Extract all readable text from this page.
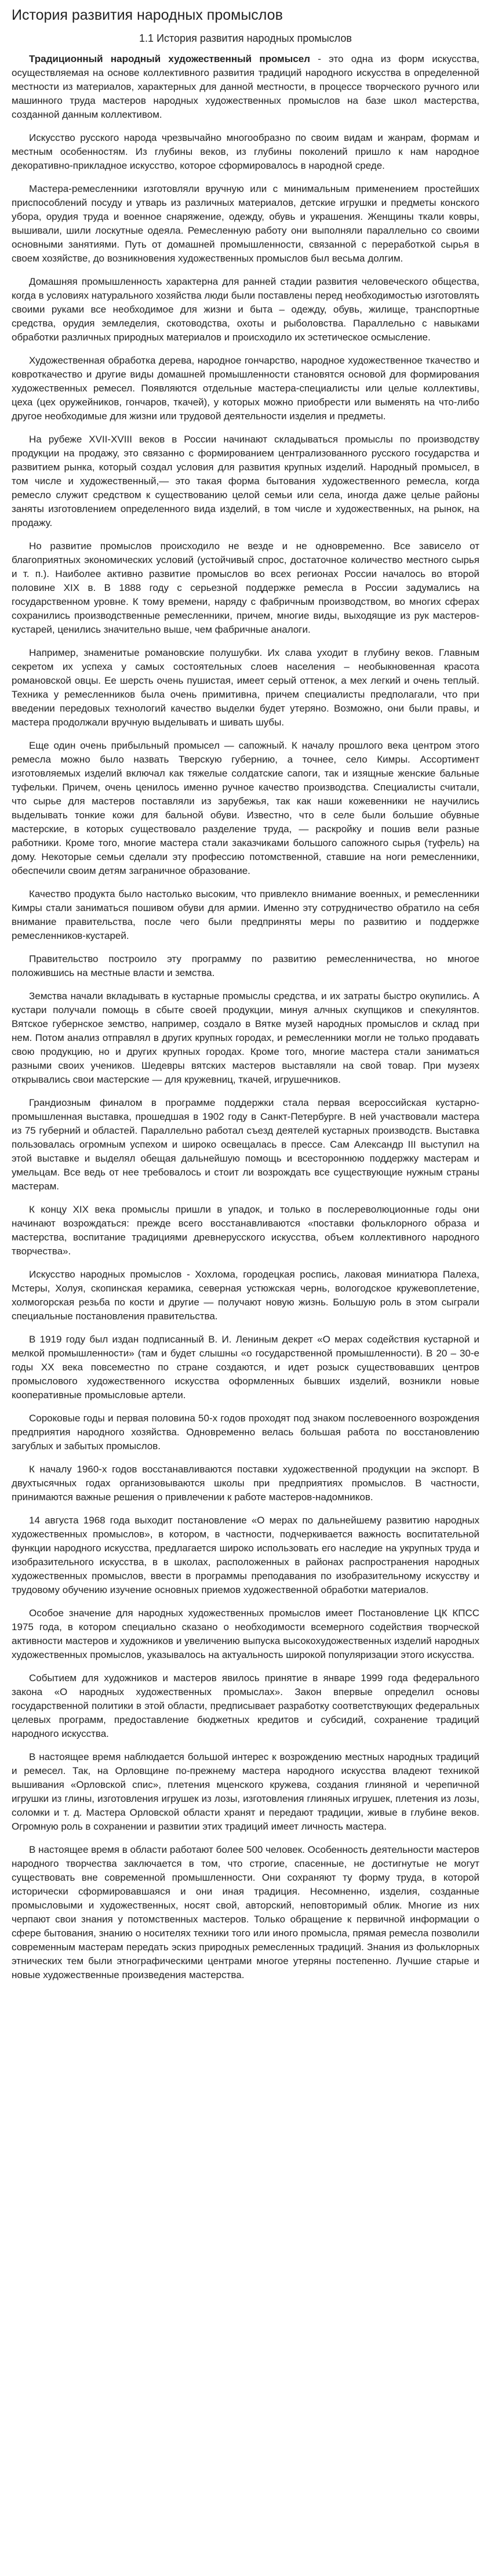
История развития народных промыслов
1.1 История развития народных промыслов

Традиционный народный художественный промысел - это одна из форм искусства, осуществляемая на основе коллективного развития традиций народного искусства в определенной местности из материалов, характерных для данной местности, в процессе творческого ручного или машинного труда мастеров народных художественных промыслов на базе школ мастерства, созданной данным коллективом.

Искусство русского народа чрезвычайно многообразно по своим видам и жанрам, формам и местным особенностям. Из глубины веков, из глубины поколений пришло к нам народное декоративно-прикладное искусство, которое сформировалось в народной среде.

Мастера-ремесленники изготовляли вручную или с минимальным применением простейших приспособлений посуду и утварь из различных материалов, детские игрушки и предметы конского убора, орудия труда и военное снаряжение, одежду, обувь и украшения. Женщины ткали ковры, вышивали, шили лоскутные одеяла. Ремесленную работу они выполняли параллельно со своими основными занятиями. Путь от домашней промышленности, связанной с переработкой сырья в своем хозяйстве, до возникновения художественных промыслов был весьма долгим.

Домашняя промышленность характерна для ранней стадии развития человеческого общества, когда в условиях натурального хозяйства люди были поставлены перед необходимостью изготовлять своими руками все необходимое для жизни и быта – одежду, обувь, жилище, транспортные средства, орудия земледелия, скотоводства, охоты и рыболовства. Параллельно с навыками обработки различных природных материалов и происходило их эстетическое осмысление.

Художественная обработка дерева, народное гончарство, народное художественное ткачество и ковроткачество и другие виды домашней промышленности становятся основой для формирования художественных ремесел. Появляются отдельные мастера-специалисты или целые коллективы, цеха (цех оружейников, гончаров, ткачей), у которых можно приобрести или выменять на что-либо другое необходимые для жизни или трудовой деятельности изделия и предметы.

На рубеже XVII-XVIII веков в России начинают складываться промыслы по производству продукции на продажу, это связанно с формированием централизованного русского государства и развитием рынка, который создал условия для развития крупных изделий. Народный промысел, в том числе и художественный,— это такая форма бытования художественного ремесла, когда ремесло служит средством к существованию целой семьи или села, иногда даже целые районы заняты изготовлением определенного вида изделий, в том числе и художественных, на рынок, на продажу.

Но развитие промыслов происходило не везде и не одновременно. Все зависело от благоприятных экономических условий (устойчивый спрос, достаточное количество местного сырья и т. п.). Наиболее активно развитие промыслов во всех регионах России началось во второй половине XIX в. В 1888 году с серьезной поддержке ремесла в России задумались на государственном уровне. К тому времени, наряду с фабричным производством, во многих сферах сохранились производственные ремесленники, причем, многие виды, выходящие из рук мастеров-кустарей, ценились значительно выше, чем фабричные аналоги.

Например, знаменитые романовские полушубки. Их слава уходит в глубину веков. Главным секретом их успеха у самых состоятельных слоев населения – необыкновенная красота романовской овцы. Ее шерсть очень пушистая, имеет серый оттенок, а мех легкий и очень теплый. Техника у ремесленников была очень примитивна, причем специалисты предполагали, что при введении передовых технологий качество выделки будет утеряно. Возможно, они были правы, и мастера продолжали вручную выделывать и шивать шубы.

Еще один очень прибыльный промысел — сапожный. К началу прошлого века центром этого ремесла можно было назвать Тверскую губернию, а точнее, село Кимры. Ассортимент изготовляемых изделий включал как тяжелые солдатские сапоги, так и изящные женские бальные туфельки. Причем, очень ценилось именно ручное качество производства. Специалисты считали, что сырье для мастеров поставляли из зарубежья, так как наши кожевенники не научились выделывать тонкие кожи для бальной обуви. Известно, что в селе были большие обувные мастерские, в которых существовало разделение труда, — раскройку и пошив вели разные работники. Кроме того, многие мастера стали заказчиками большого сапожного сырья (туфель) на дому. Некоторые семьи сделали эту профессию потомственной, ставшие на ноги ремесленники, обеспечили своим детям заграничное образование.

Качество продукта было настолько высоким, что привлекло внимание военных, и ремесленники Кимры стали заниматься пошивом обуви для армии. Именно эту сотрудничество обратило на себя внимание правительства, после чего были предприняты меры по развитию и поддержке ремесленников-кустарей.

Правительство построило эту программу по развитию ремесленничества, но многое положившись на местные власти и земства.

Земства начали вкладывать в кустарные промыслы средства, и их затраты быстро окупились. А кустари получали помощь в сбыте своей продукции, минуя алчных скупщиков и спекулянтов. Вятское губернское земство, например, создало в Вятке музей народных промыслов и склад при нем. Потом анализ отправлял в других крупных городах, и ремесленники могли не только продавать свою продукцию, но и других крупных городах. Кроме того, многие мастера стали заниматься разными своих учеников. Шедевры вятских мастеров выставляли на свой товар. При музеях открывались свои мастерские — для кружевниц, ткачей, игрушечников.

Грандиозным финалом в программе поддержки стала первая всероссийская кустарно-промышленная выставка, прошедшая в 1902 году в Санкт-Петербурге. В ней участвовали мастера из 75 губерний и областей. Параллельно работал съезд деятелей кустарных производств. Выставка пользовалась огромным успехом и широко освещалась в прессе. Сам Александр III выступил на этой выставке и выделял обещая дальнейшую помощь и всестороннюю поддержку мастерам и умельцам. Все ведь от нее требовалось и стоит ли возрождать все существующие нужным страны мастерам.

К концу XIX века промыслы пришли в упадок, и только в послереволюционные годы они начинают возрождаться: прежде всего восстанавливаются «поставки фольклорного образа и мастерства, воспитание традициями древнерусского искусства, объем коллективного народного творчества».

Искусство народных промыслов - Хохлома, городецкая роспись, лаковая миниатюра Палеха, Мстеры, Холуя, скопинская керамика, северная устюжская чернь, вологодское кружевоплетение, холмогорская резьба по кости и другие — получают новую жизнь. Большую роль в этом сыграли специальные постановления правительства.

В 1919 году был издан подписанный В. И. Лениным декрет «О мерах содействия кустарной и мелкой промышленности» (там и будет слышны «о государственной промышленности). В 20 – 30-е годы ХХ века повсеместно по стране создаются, и идет розыск существовавших центров промыслового художественного искусства оформленных бывших изделий, возникли новые кооперативные промысловые артели.

Сороковые годы и первая половина 50-х годов проходят под знаком послевоенного возрождения предприятия народного хозяйства. Одновременно велась большая работа по восстановлению загублых и забытых промыслов.

К началу 1960-х годов восстанавливаются поставки художественной продукции на экспорт. В двухтысячных годах организовываются школы при предприятиях промыслов. В частности, принимаются важные решения о привлечении к работе мастеров-надомников.

14 августа 1968 года выходит постановление «О мерах по дальнейшему развитию народных художественных промыслов», в котором, в частности, подчеркивается важность воспитательной функции народного искусства, предлагается широко использовать его наследие на укрупных труда и изобразительного искусства, в в школах, расположенных в районах распространения народных художественных промыслов, ввести в программы преподавания по изобразительному искусству и трудовому обучению изучение основных приемов художественной обработки материалов.

Особое значение для народных художественных промыслов имеет Постановление ЦК КПСС 1975 года, в котором специально сказано о необходимости всемерного содействия творческой активности мастеров и художников и увеличению выпуска высокохудожественных изделий народных художественных промыслов, указывалось на актуальность широкой популяризации этого искусства.

Событием для художников и мастеров явилось принятие в январе 1999 года федерального закона «О народных художественных промыслах». Закон впервые определил основы государственной политики в этой области, предписывает разработку соответствующих федеральных целевых программ, предоставление бюджетных кредитов и субсидий, сохранение традиций народного искусства.

В настоящее время наблюдается большой интерес к возрождению местных народных традиций и ремесел. Так, на Орловщине по-прежнему мастера народного искусства владеют техникой вышивания «Орловской спис», плетения мценского кружева, создания глиняной и черепичной игрушки из глины, изготовления игрушек из лозы, изготовления глиняных игрушек, плетения из лозы, соломки и т. д. Мастера Орловской области хранят и передают традиции, живые в глубине веков. Огромную роль в сохранении и развитии этих традиций имеет личность мастера.

В настоящее время в области работают более 500 человек. Особенность деятельности мастеров народного творчества заключается в том, что строгие, спасенные, не достигнутые не могут существовать вне современной промышленности. Они сохраняют ту форму труда, в которой исторически сформировавшаяся и они иная традиция. Несомненно, изделия, созданные промысловыми и художественных, носят свой, авторский, неповторимый облик. Многие из них черпают свои знания у потомственных мастеров. Только обращение к первичной информации о сфере бытования, знанию о носителях техники того или иного промысла, прямая ремесла позволили современным мастерам передать эскиз природных ремесленных традиций. Знания из фольклорных этнических тем были этнографическими центрами многое утеряны постепенно. Лучшие старые и новые художественные произведения мастерства.
